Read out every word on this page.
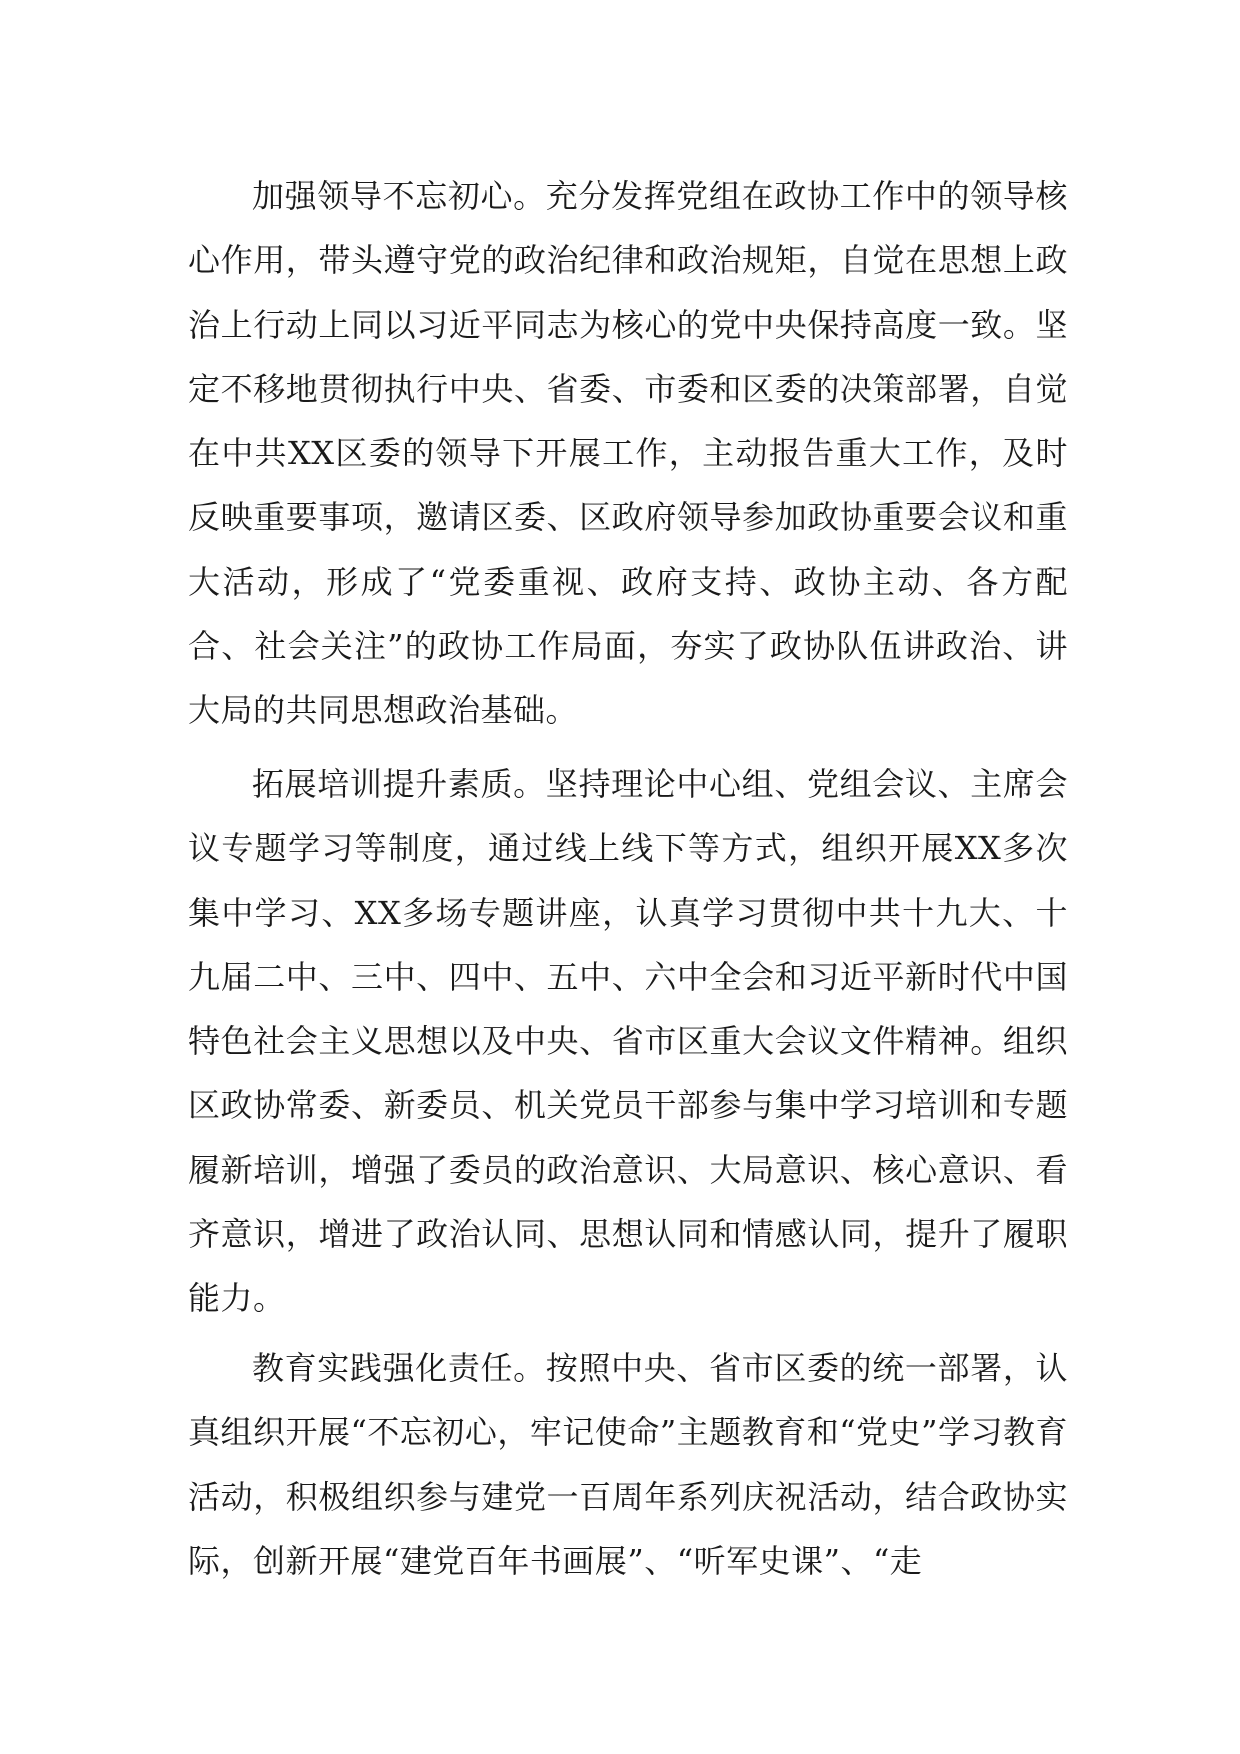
加强领导不忘初心。充分发挥党组在政协工作中的领导核心作用，带头遵守党的政治纪律和政治规矩，自觉在思想上政治上行动上同以习近平同志为核心的党中央保持高度一致。坚定不移地贯彻执行中央、省委、市委和区委的决策部署，自觉在中共XX区委的领导下开展工作，主动报告重大工作，及时反映重要事项，邀请区委、区政府领导参加政协重要会议和重大活动，形成了“党委重视、政府支持、政协主动、各方配合、社会关注”的政协工作局面，夯实了政协队伍讲政治、讲大局的共同思想政治基础。

拓展培训提升素质。坚持理论中心组、党组会议、主席会议专题学习等制度，通过线上线下等方式，组织开展XX多次集中学习、XX多场专题讲座，认真学习贯彻中共十九大、十九届二中、三中、四中、五中、六中全会和习近平新时代中国特色社会主义思想以及中央、省市区重大会议文件精神。组织区政协常委、新委员、机关党员干部参与集中学习培训和专题履新培训，增强了委员的政治意识、大局意识、核心意识、看齐意识，增进了政治认同、思想认同和情感认同，提升了履职能力。

教育实践强化责任。按照中央、省市区委的统一部署，认真组织开展“不忘初心，牢记使命”主题教育和“党史”学习教育活动，积极组织参与建党一百周年系列庆祝活动，结合政协实际，创新开展“建党百年书画展”、“听军史课”、“走
